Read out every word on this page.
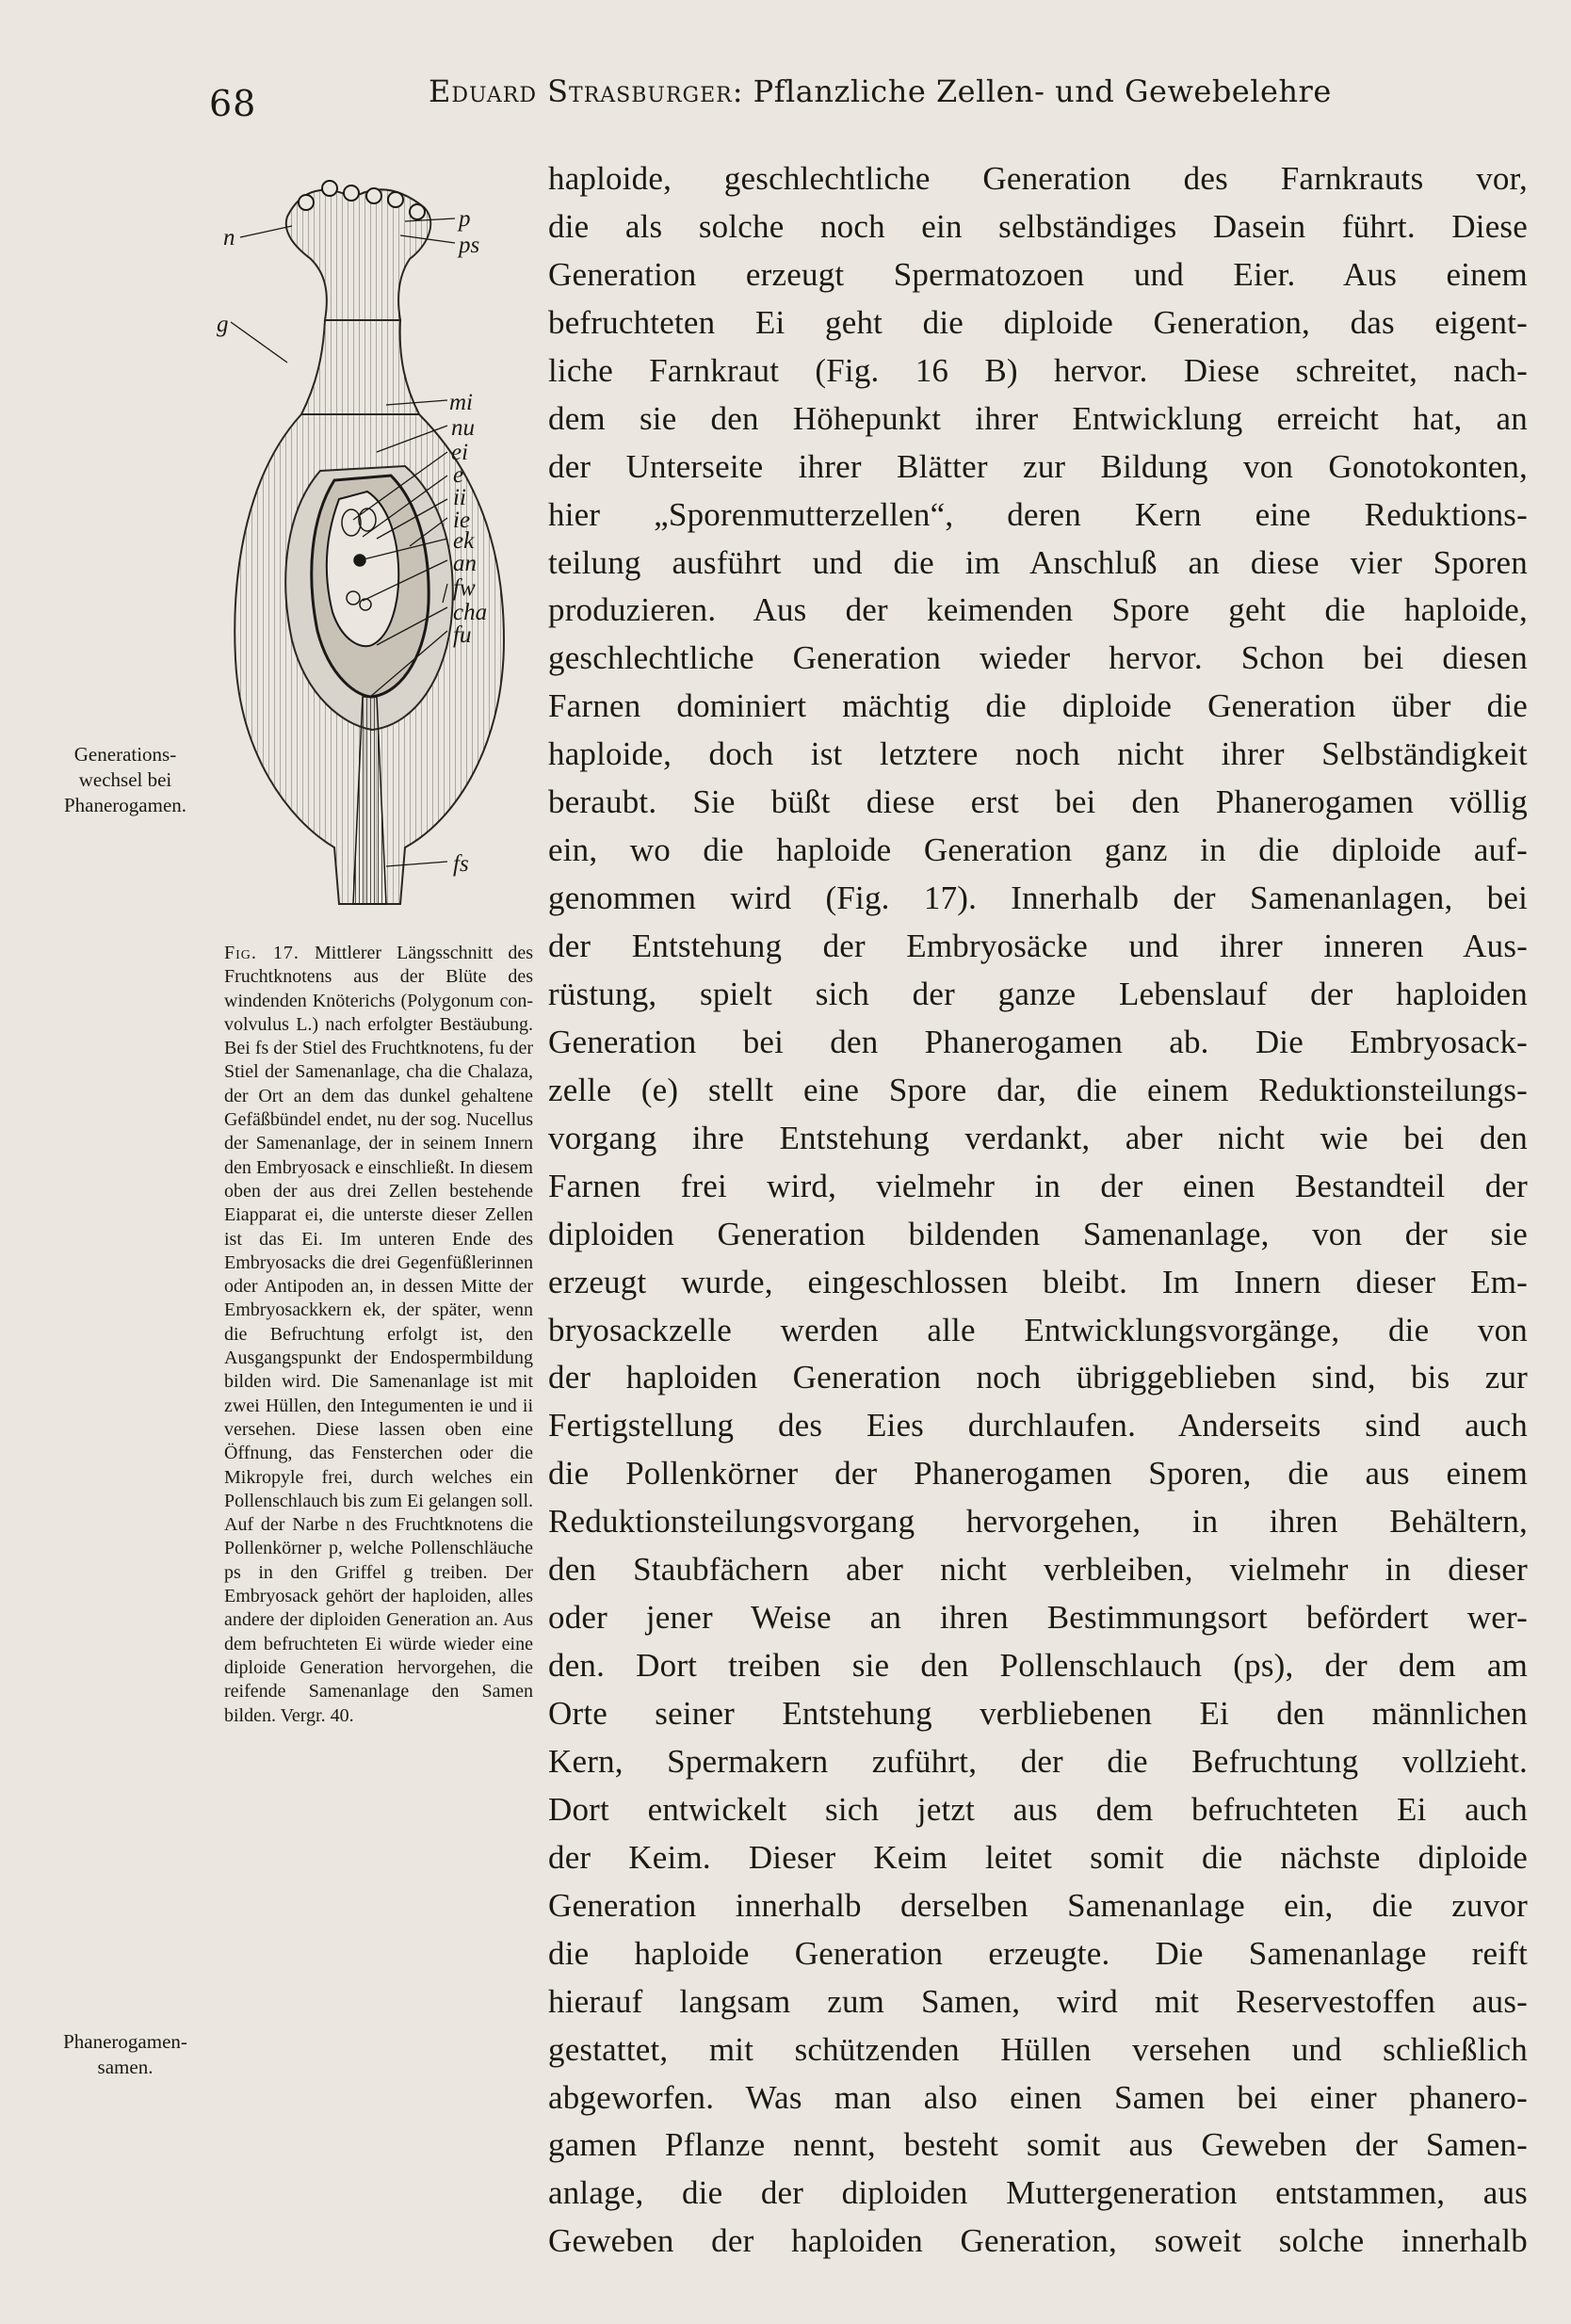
68	Eduard Strasburger: Pflanzliche Zellen- und Gewebelehre
Generations-
wechsel bei
Phanerogamen.
Phanerogamen-
samen.
n
p
ps
g
mi
nu
ei
e
ii
ie
ek
an
fw
cha
fu
fs
Fig. 17. Mittlerer Längsschnitt des Fruchtknotens aus der Blüte des windenden Knöterichs (Polygonum convolvulus L.) nach erfolgter Bestäubung. Bei fs der Stiel des Fruchtknotens, fu der Stiel der Samenanlage, cha die Chalaza, der Ort an dem das dunkel gehaltene Gefäßbündel endet, nu der sog. Nucellus der Samenanlage, der in seinem Innern den Embryosack e einschließt. In diesem oben der aus drei Zellen bestehende Eiapparat ei, die unterste dieser Zellen ist das Ei. Im unteren Ende des Embryosacks die drei Gegenfüßlerinnen oder Antipoden an, in dessen Mitte der Embryosackkern ek, der später, wenn die Befruchtung erfolgt ist, den Ausgangspunkt der Endospermbildung bilden wird. Die Samenanlage ist mit zwei Hüllen, den Integumenten ie und ii versehen. Diese lassen oben eine Öffnung, das Fensterchen oder die Mikropyle frei, durch welches ein Pollenschlauch bis zum Ei gelangen soll. Auf der Narbe n des Fruchtknotens die Pollenkörner p, welche Pollenschläuche ps in den Griffel g treiben. Der Embryosack gehört der haploiden, alles andere der diploiden Generation an. Aus dem befruchteten Ei würde wieder eine diploide Generation hervorgehen, die reifende Samenanlage den Samen bilden. Vergr. 40.
haploide, geschlechtliche Generation des Farnkrauts vor,
die als solche noch ein selbständiges Dasein führt. Diese
Generation erzeugt Spermatozoen und Eier. Aus einem
befruchteten Ei geht die diploide Generation, das eigent-
liche Farnkraut (Fig. 16 B) hervor. Diese schreitet, nach-
dem sie den Höhepunkt ihrer Entwicklung erreicht hat, an
der Unterseite ihrer Blätter zur Bildung von Gonotokonten,
hier „Sporenmutterzellen“, deren Kern eine Reduktions-
teilung ausführt und die im Anschluß an diese vier Sporen
produzieren. Aus der keimenden Spore geht die haploide,
geschlechtliche Generation wieder hervor. Schon bei diesen
Farnen dominiert mächtig die diploide Generation über die
haploide, doch ist letztere noch nicht ihrer Selbständigkeit
beraubt. Sie büßt diese erst bei den Phanerogamen völlig
ein, wo die haploide Generation ganz in die diploide auf-
genommen wird (Fig. 17). Innerhalb der Samenanlagen, bei
der Entstehung der Embryosäcke und ihrer inneren Aus-
rüstung, spielt sich der ganze Lebenslauf der haploiden
Generation bei den Phanerogamen ab. Die Embryosack-
zelle (e) stellt eine Spore dar, die einem Reduktionsteilungs-
vorgang ihre Entstehung verdankt, aber nicht wie bei den
Farnen frei wird, vielmehr in der einen Bestandteil der
diploiden Generation bildenden Samenanlage, von der sie
erzeugt wurde, eingeschlossen bleibt. Im Innern dieser Em-
bryosackzelle werden alle Entwicklungsvorgänge, die von
der haploiden Generation noch übriggeblieben sind, bis zur
Fertigstellung des Eies durchlaufen. Anderseits sind auch
die Pollenkörner der Phanerogamen Sporen, die aus einem
Reduktionsteilungsvorgang hervorgehen, in ihren Behältern,
den Staubfächern aber nicht verbleiben, vielmehr in dieser
oder jener Weise an ihren Bestimmungsort befördert wer-
den. Dort treiben sie den Pollenschlauch (ps), der dem am
Orte seiner Entstehung verbliebenen Ei den männlichen
Kern, Spermakern zuführt, der die Befruchtung vollzieht.
Dort entwickelt sich jetzt aus dem befruchteten Ei auch
der Keim. Dieser Keim leitet somit die nächste diploide
Generation innerhalb derselben Samenanlage ein, die zuvor
die haploide Generation erzeugte. Die Samenanlage reift
hierauf langsam zum Samen, wird mit Reservestoffen aus-
gestattet, mit schützenden Hüllen versehen und schließlich
abgeworfen. Was man also einen Samen bei einer phanero-
gamen Pflanze nennt, besteht somit aus Geweben der Samen-
anlage, die der diploiden Muttergeneration entstammen, aus
Geweben der haploiden Generation, soweit solche innerhalb
